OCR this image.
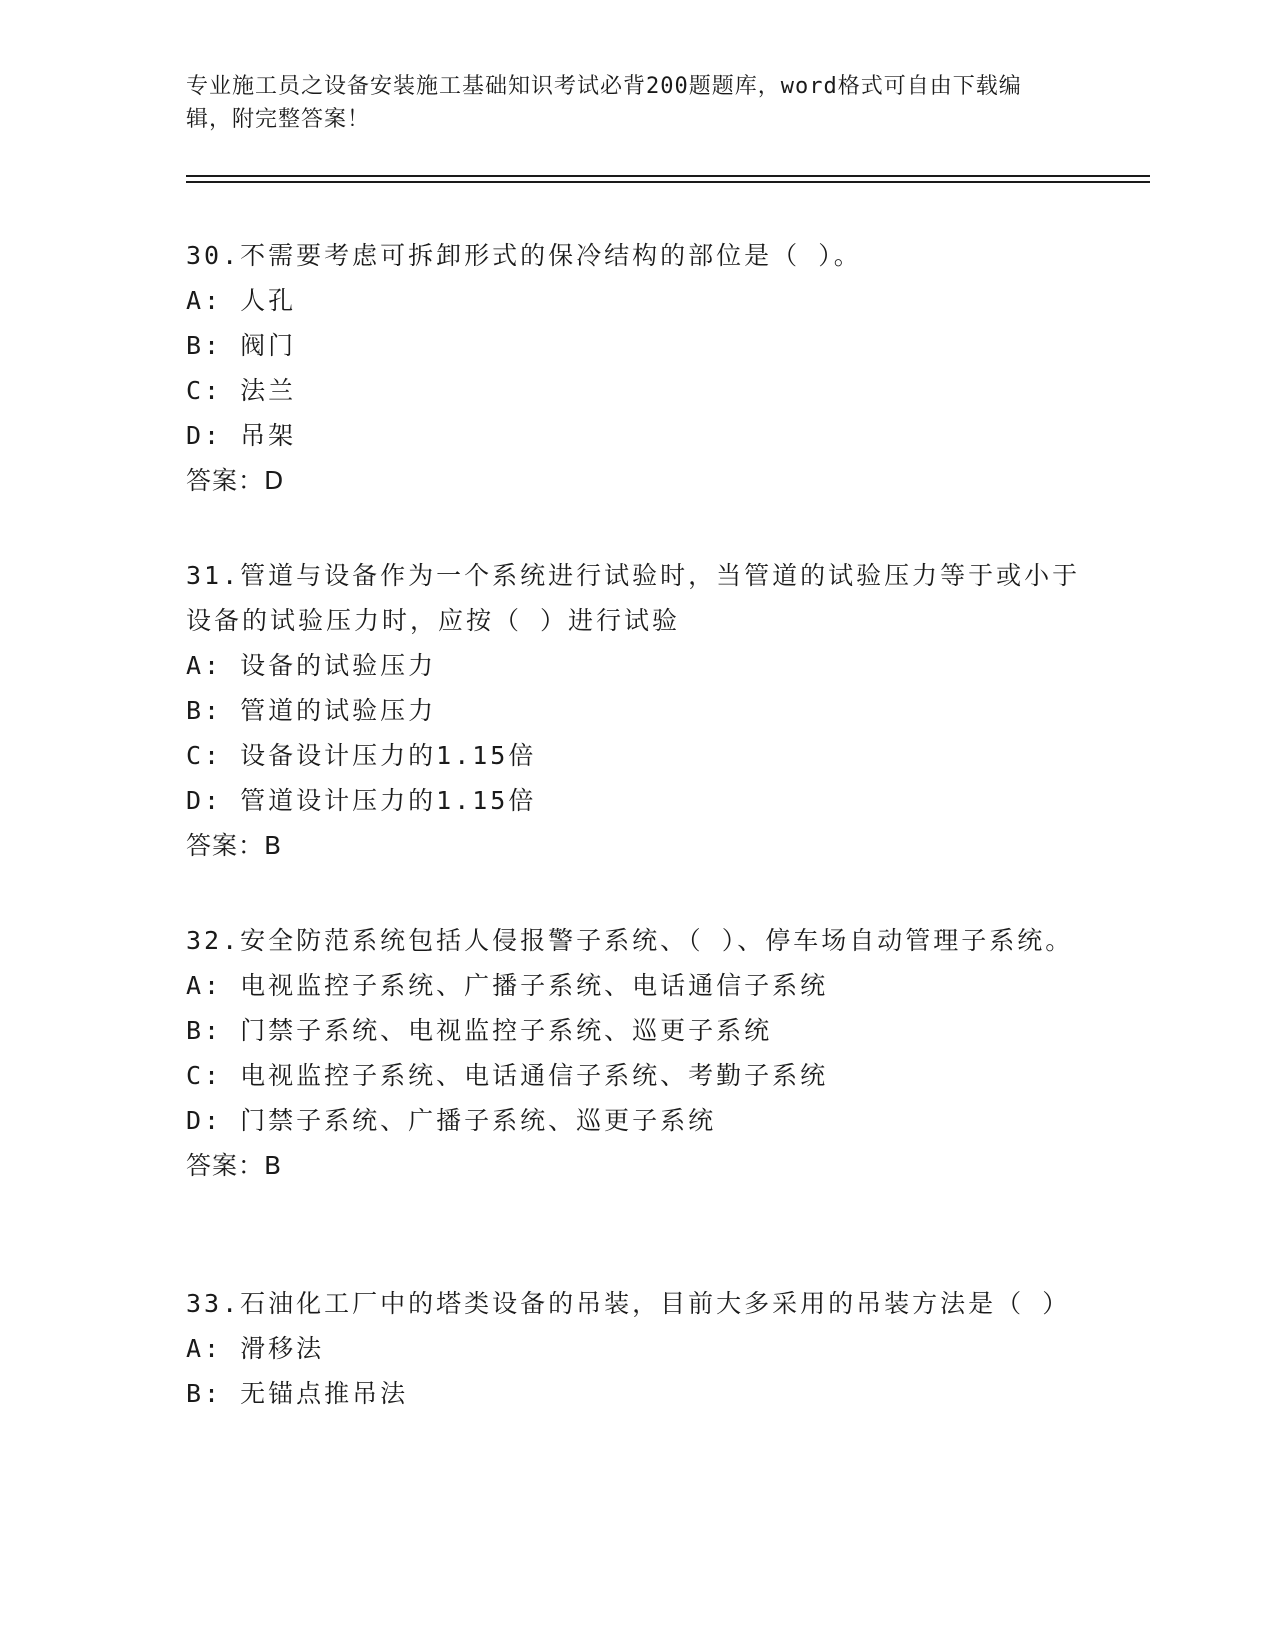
专业施工员之设备安装施工基础知识考试必背200题题库，word格式可自由下载编辑，附完整答案！

30.不需要考虑可拆卸形式的保冷结构的部位是（ ）。

A: 人孔

B: 阀门

C: 法兰

D: 吊架

答案：D

31.管道与设备作为一个系统进行试验时，当管道的试验压力等于或小于设备的试验压力时，应按（ ）进行试验

A: 设备的试验压力

B: 管道的试验压力

C: 设备设计压力的1.15倍

D: 管道设计压力的1.15倍

答案：B

32.安全防范系统包括人侵报警子系统、（ ）、停车场自动管理子系统。

A: 电视监控子系统、广播子系统、电话通信子系统

B: 门禁子系统、电视监控子系统、巡更子系统

C: 电视监控子系统、电话通信子系统、考勤子系统

D: 门禁子系统、广播子系统、巡更子系统

答案：B

33.石油化工厂中的塔类设备的吊装，目前大多采用的吊装方法是（ ）

A: 滑移法

B: 无锚点推吊法
